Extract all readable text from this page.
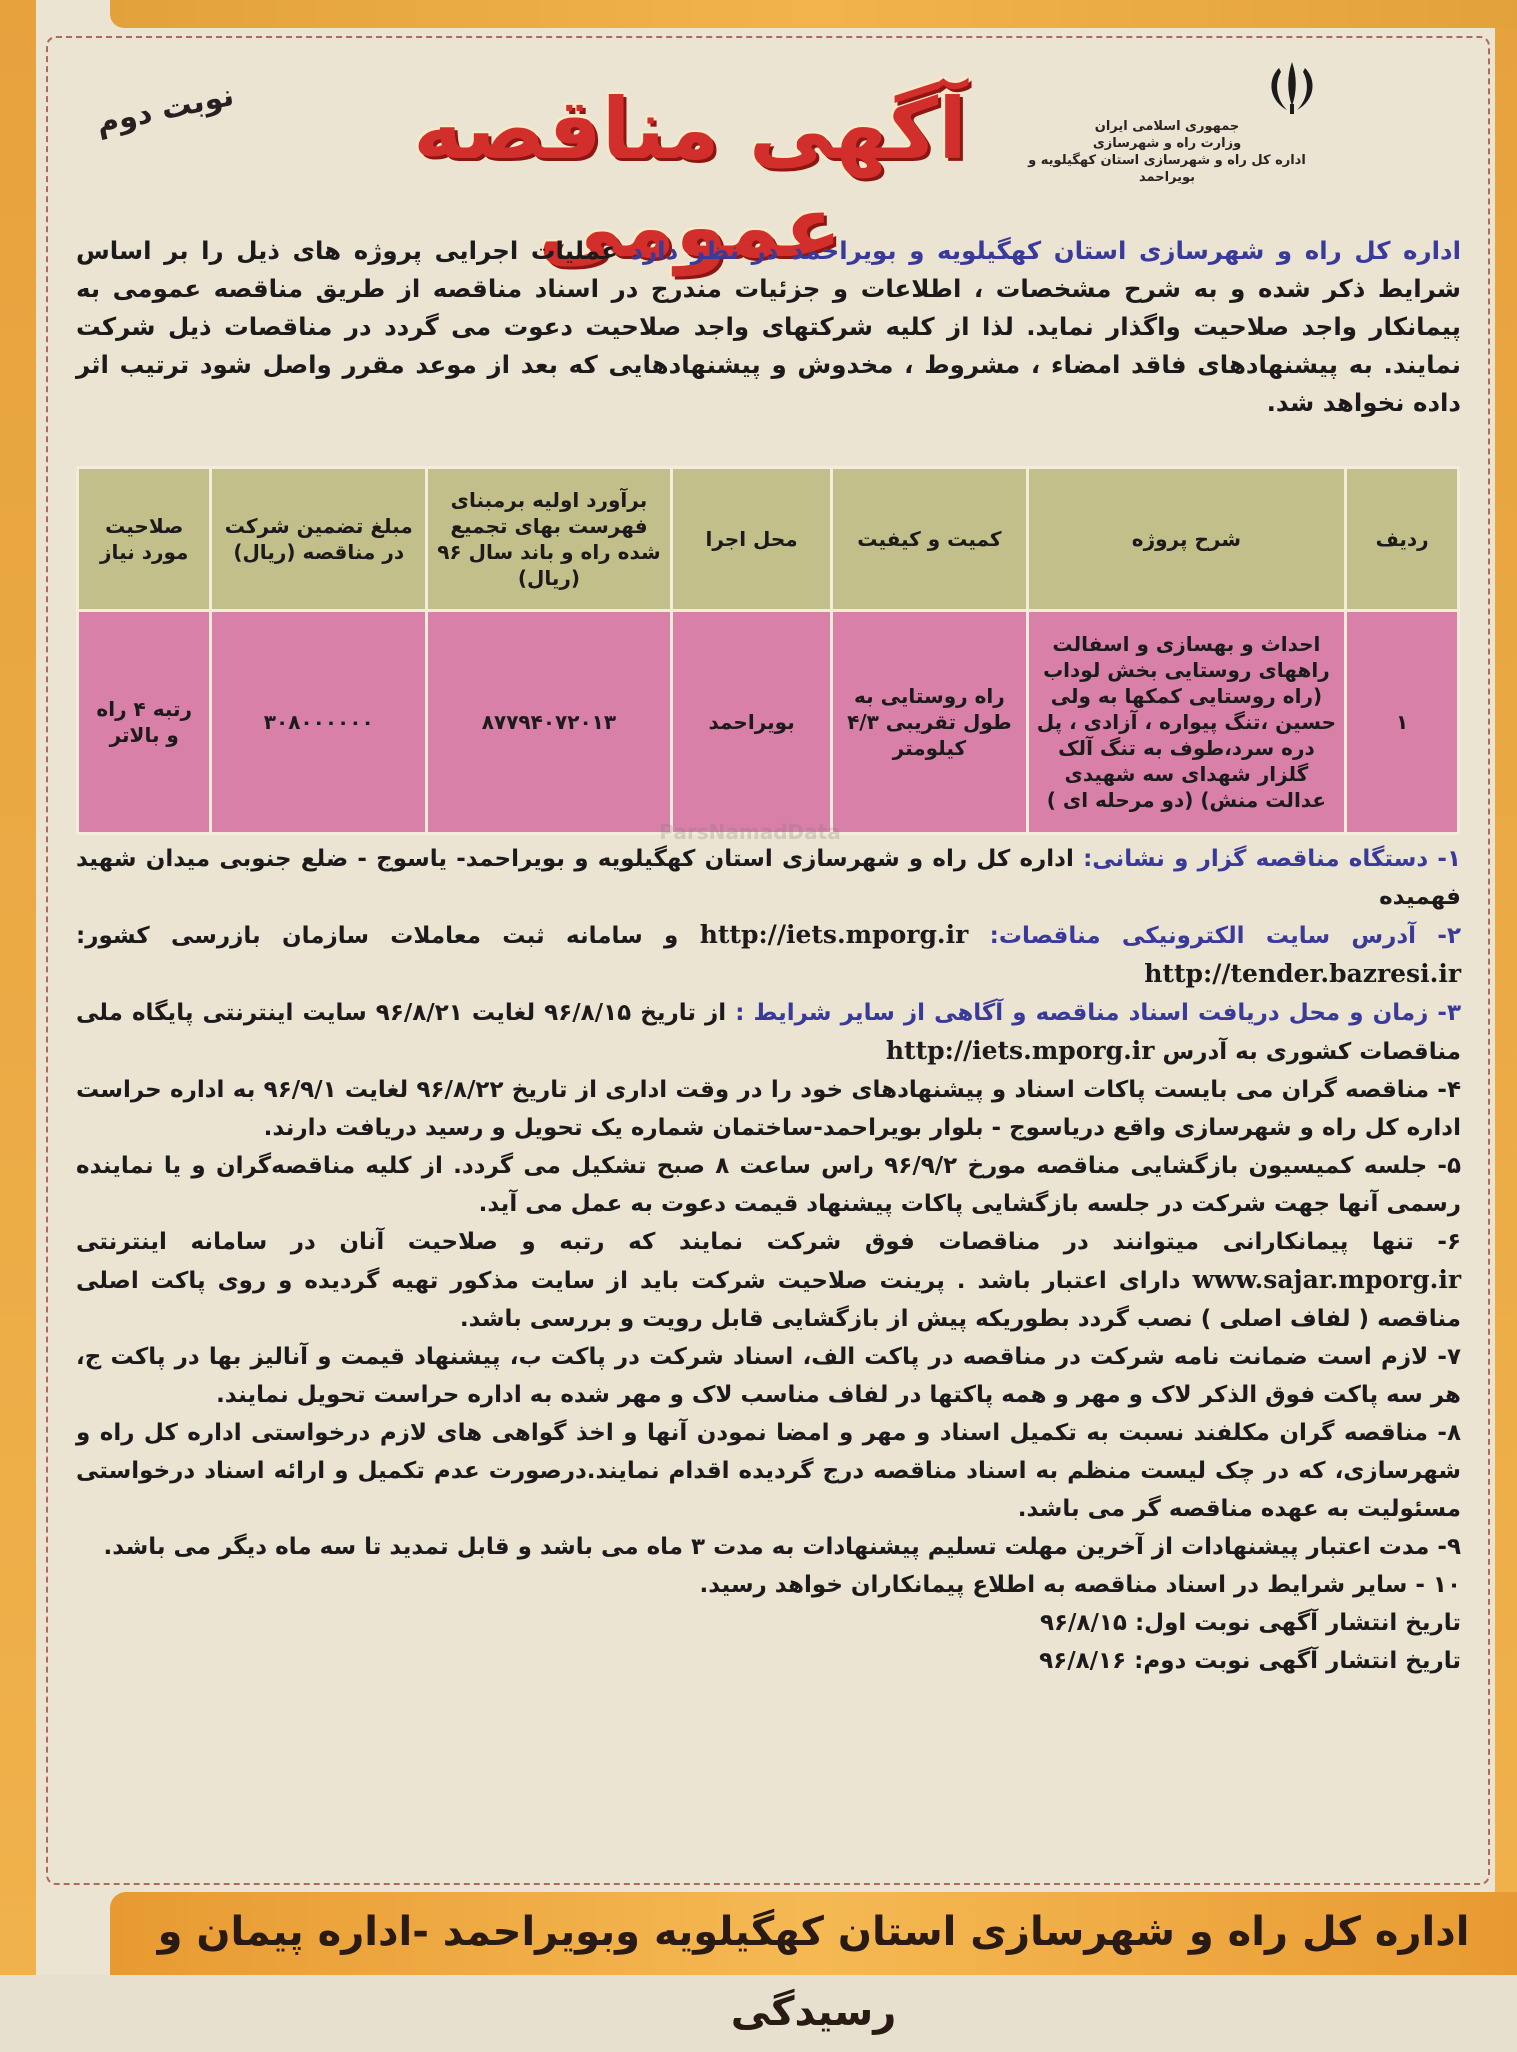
جمهوری اسلامی ایران
وزارت راه و شهرسازی
اداره کل راه و شهرسازی استان کهگیلویه و بویراحمد
آگهی مناقصه عمومی
نوبت دوم
اداره کل راه و شهرسازی استان کهگیلویه و بویراحمد در نظر دارد عملیات اجرایی پروژه های ذیل را بر اساس شرایط ذکر شده و به شرح مشخصات ، اطلاعات و جزئیات مندرج در اسناد مناقصه از طریق مناقصه عمومی به پیمانکار واجد صلاحیت واگذار نماید. لذا از کلیه شرکتهای واجد صلاحیت دعوت می گردد در مناقصات ذیل شرکت نمایند. به پیشنهادهای فاقد امضاء ، مشروط ، مخدوش و پیشنهادهایی که بعد از موعد مقرر واصل شود ترتیب اثر داده نخواهد شد.
ردیف	شرح پروژه	کمیت و کیفیت	محل اجرا	برآورد اولیه برمبنای فهرست بهای تجمیع شده راه و باند سال ۹۶ (ریال)	مبلغ تضمین شرکت در مناقصه (ریال)	صلاحیت مورد نیاز
۱	احداث و بهسازی و اسفالت راههای روستایی بخش لوداب (راه روستایی کمکها به ولی حسین ،تنگ پیواره ، آزادی ، پل دره سرد،طوف به تنگ آلک گلزار شهدای سه شهیدی عدالت منش) (دو مرحله ای )	راه روستایی به طول تقریبی ۴/۳ کیلومتر	بویراحمد	۸۷۷۹۴۰۷۲۰۱۳	۳۰۸۰۰۰۰۰۰	رتبه ۴ راه و بالاتر
ParsNamadData

۱- دستگاه مناقصه گزار و نشانی: اداره کل راه و شهرسازی استان کهگیلویه و بویراحمد- یاسوج - ضلع جنوبی میدان شهید فهمیده

۲- آدرس سایت الکترونیکی مناقصات: http://iets.mporg.ir و سامانه ثبت معاملات سازمان بازرسی کشور: http://tender.bazresi.ir

۳- زمان و محل دریافت اسناد مناقصه و آگاهی از سایر شرایط : از تاریخ ۹۶/۸/۱۵ لغایت ۹۶/۸/۲۱ سایت اینترنتی پایگاه ملی مناقصات کشوری به آدرس http://iets.mporg.ir

۴- مناقصه گران می بایست پاکات اسناد و پیشنهادهای خود را در وقت اداری از تاریخ ۹۶/۸/۲۲ لغایت ۹۶/۹/۱ به اداره حراست اداره کل راه و شهرسازی واقع دریاسوج - بلوار بویراحمد-ساختمان شماره یک تحویل و رسید دریافت دارند.

۵- جلسه کمیسیون بازگشایی مناقصه مورخ ۹۶/۹/۲ راس ساعت ۸ صبح تشکیل می گردد. از کلیه مناقصه‌گران و یا نماینده رسمی آنها جهت شرکت در جلسه بازگشایی پاکات پیشنهاد قیمت دعوت به عمل می آید.

۶- تنها پیمانکارانی میتوانند در مناقصات فوق شرکت نمایند که رتبه و صلاحیت آنان در سامانه اینترنتی www.sajar.mporg.ir دارای اعتبار باشد . پرینت صلاحیت شرکت باید از سایت مذکور تهیه گردیده و روی پاکت اصلی مناقصه ( لفاف اصلی ) نصب گردد بطوریکه پیش از بازگشایی قابل رویت و بررسی باشد.

۷- لازم است ضمانت نامه شرکت در مناقصه در پاکت الف، اسناد شرکت در پاکت ب، پیشنهاد قیمت و آنالیز بها در پاکت ج، هر سه پاکت فوق الذکر لاک و مهر و همه پاکتها در لفاف مناسب لاک و مهر شده به اداره حراست تحویل نمایند.

۸- مناقصه گران مکلفند نسبت به تکمیل اسناد و مهر و امضا نمودن آنها و اخذ گواهی های لازم درخواستی اداره کل راه و شهرسازی، که در چک لیست منظم به اسناد مناقصه درج گردیده اقدام نمایند.درصورت عدم تکمیل و ارائه اسناد درخواستی مسئولیت به عهده مناقصه گر می باشد.

۹- مدت اعتبار پیشنهادات از آخرین مهلت تسلیم پیشنهادات به مدت ۳ ماه می باشد و قابل تمدید تا سه ماه دیگر می باشد.

۱۰ - سایر شرایط در اسناد مناقصه به اطلاع پیمانکاران خواهد رسید.

تاریخ انتشار آگهی نوبت اول: ۹۶/۸/۱۵

تاریخ انتشار آگهی نوبت دوم: ۹۶/۸/۱۶

اداره کل راه و شهرسازی استان کهگیلویه وبویراحمد -اداره پیمان و رسیدگی
